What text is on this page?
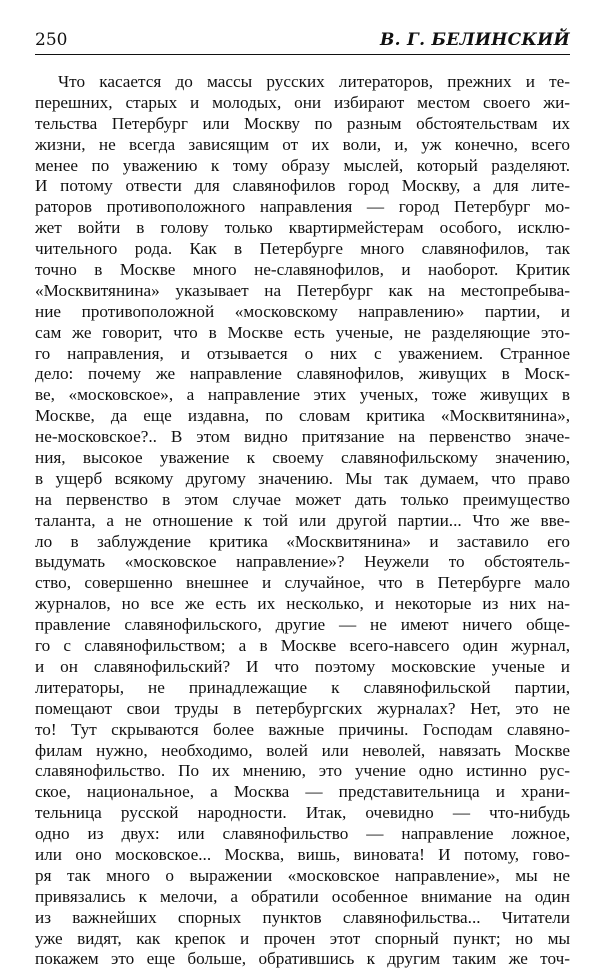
250	В. Г. БЕЛИНСКИЙ
Что касается до массы русских литераторов, прежних и те-
перешних, старых и молодых, они избирают местом своего жи-
тельства Петербург или Москву по разным обстоятельствам их
жизни, не всегда зависящим от их воли, и, уж конечно, всего
менее по уважению к тому образу мыслей, который разделяют.
И потому отвести для славянофилов город Москву, а для лите-
раторов противоположного направления — город Петербург мо-
жет войти в голову только квартирмейстерам особого, исклю-
чительного рода. Как в Петербурге много славянофилов, так
точно в Москве много не-славянофилов, и наоборот. Критик
«Москвитянина» указывает на Петербург как на местопребыва-
ние противоположной «московскому направлению» партии, и
сам же говорит, что в Москве есть ученые, не разделяющие это-
го направления, и отзывается о них с уважением. Странное
дело: почему же направление славянофилов, живущих в Моск-
ве, «московское», а направление этих ученых, тоже живущих в
Москве, да еще издавна, по словам критика «Москвитянина»,
не-московское?.. В этом видно притязание на первенство значе-
ния, высокое уважение к своему славянофильскому значению,
в ущерб всякому другому значению. Мы так думаем, что право
на первенство в этом случае может дать только преимущество
таланта, а не отношение к той или другой партии... Что же вве-
ло в заблуждение критика «Москвитянина» и заставило его
выдумать «московское направление»? Неужели то обстоятель-
ство, совершенно внешнее и случайное, что в Петербурге мало
журналов, но все же есть их несколько, и некоторые из них на-
правление славянофильского, другие — не имеют ничего обще-
го с славянофильством; а в Москве всего-навсего один журнал,
и он славянофильский? И что поэтому московские ученые и
литераторы, не принадлежащие к славянофильской партии,
помещают свои труды в петербургских журналах? Нет, это не
то! Тут скрываются более важные причины. Господам славяно-
филам нужно, необходимо, волей или неволей, навязать Москве
славянофильство. По их мнению, это учение одно истинно рус-
ское, национальное, а Москва — представительница и храни-
тельница русской народности. Итак, очевидно — что-нибудь
одно из двух: или славянофильство — направление ложное,
или оно московское... Москва, вишь, виновата! И потому, гово-
ря так много о выражении «московское направление», мы не
привязались к мелочи, а обратили особенное внимание на один
из важнейших спорных пунктов славянофильства... Читатели
уже видят, как крепок и прочен этот спорный пункт; но мы
покажем это еще больше, обратившись к другим таким же точ-
